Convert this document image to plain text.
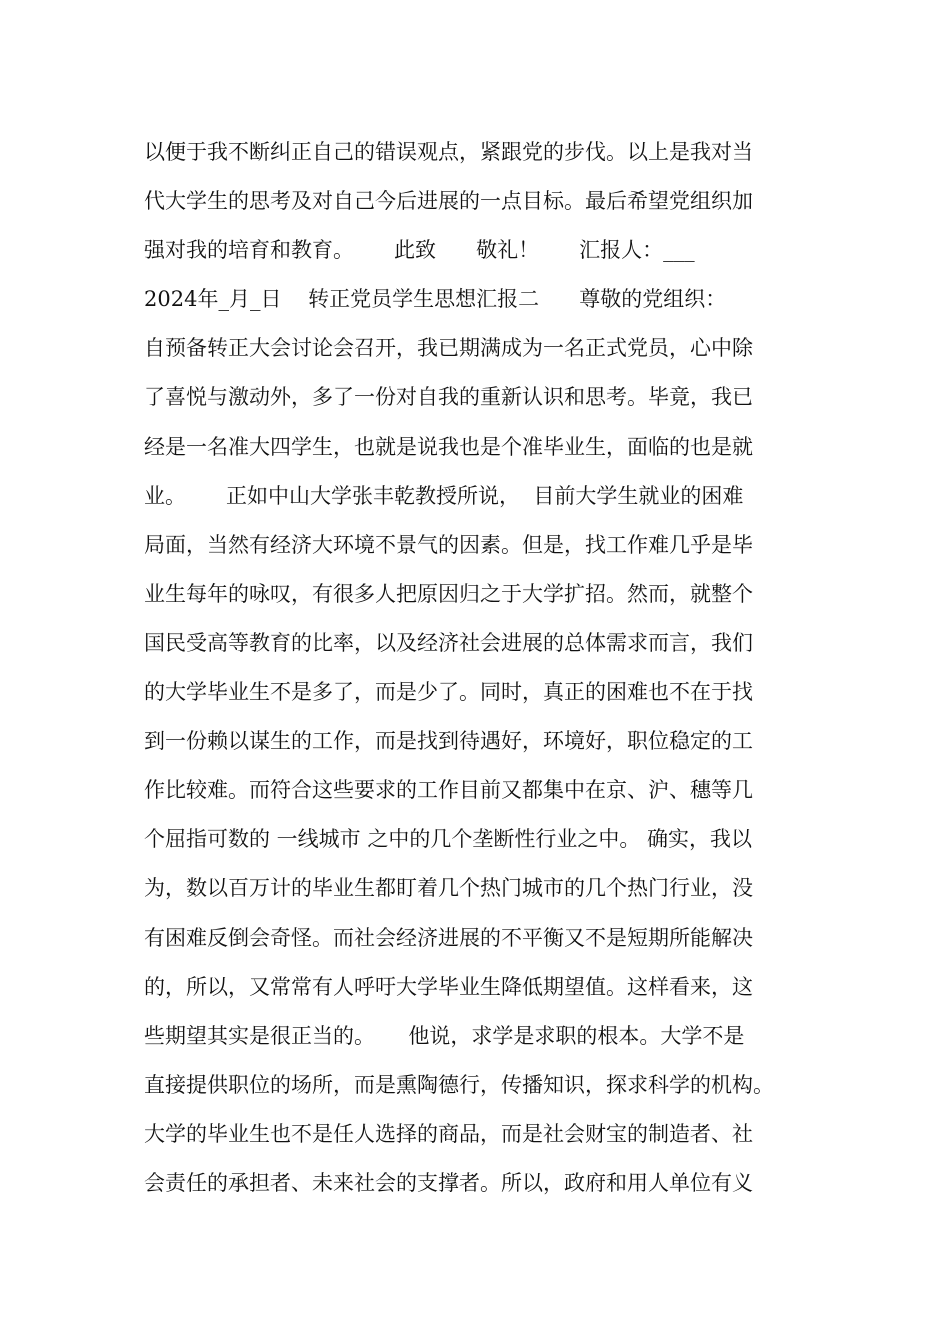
以便于我不断纠正自己的错误观点，紧跟党的步伐。以上是我对当
代大学生的思考及对自己今后进展的一点目标。最后希望党组织加
强对我的培育和教育。      此致      敬礼！      汇报人：___
2024年_月_日    转正党员学生思想汇报二      尊敬的党组织：
自预备转正大会讨论会召开，我已期满成为一名正式党员，心中除
了喜悦与激动外，多了一份对自我的重新认识和思考。毕竟，我已
经是一名准大四学生，也就是说我也是个准毕业生，面临的也是就
业。      正如中山大学张丰乾教授所说，  目前大学生就业的困难
局面，当然有经济大环境不景气的因素。但是，找工作难几乎是毕
业生每年的咏叹，有很多人把原因归之于大学扩招。然而，就整个
国民受高等教育的比率，以及经济社会进展的总体需求而言，我们
的大学毕业生不是多了，而是少了。同时，真正的困难也不在于找
到一份赖以谋生的工作，而是找到待遇好，环境好，职位稳定的工
作比较难。而符合这些要求的工作目前又都集中在京、沪、穗等几
个屈指可数的 一线城市 之中的几个垄断性行业之中。 确实，我以
为，数以百万计的毕业生都盯着几个热门城市的几个热门行业，没
有困难反倒会奇怪。而社会经济进展的不平衡又不是短期所能解决
的，所以，又常常有人呼吁大学毕业生降低期望值。这样看来，这
些期望其实是很正当的。     他说，求学是求职的根本。大学不是
直接提供职位的场所，而是熏陶德行，传播知识，探求科学的机构。
大学的毕业生也不是任人选择的商品，而是社会财宝的制造者、社
会责任的承担者、未来社会的支撑者。所以，政府和用人单位有义
